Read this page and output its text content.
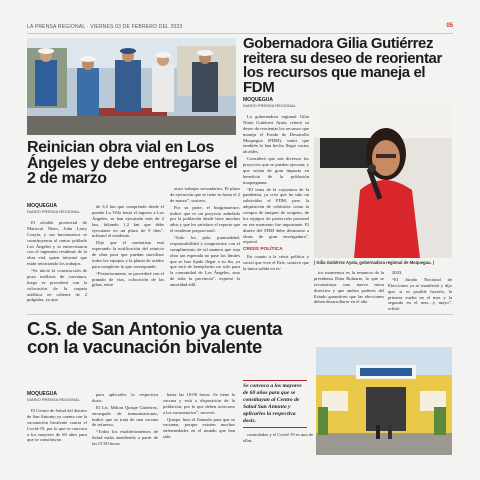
LA PRENSA REGIONAL · VIERNES 03 DE FEBRERO DEL 2023	05
Reinician obra vial en Los Ángeles y debe entregarse el 2 de marzo
MOQUEGUA
DIARIO PRENSA REGIONAL

El alcalde provincial de Mariscal Nieto, John Larry Coayla, y sus funcionarios se constituyeron al centro poblado Los Ángeles y se entrevistaron con el ingeniero residente de la obra vial, quien informó que están reiniciando los trabajos.

“Se inició la construcción de pozo mellizos de curvatura, luego se procederá con la colocación de la carpeta asfáltica en caliente de 2 pulgadas, ya que

de 3,5 km que comprende desde el puente La Villa hasta el ingreso a Los Ángeles, se han ejecutado más de 2 km, faltando 1,2 km que debe ejecutarse en un plazo de 9 días”, informó el residente.

Dijo que el contratista está esperando la notificación del reinicio de obra para que puedan movilizar todos los equipos y la planta de asfalto para completar lo que corresponde.

“Posteriormente, se procederá con el pintado de vías, colocación de las gibas, entre

otros trabajos secundarios. El plazo de ejecución que se tiene es hasta el 2 de marzo”, sostuvo.

Por su parte, el burgomaestre, indicó que es un proyecto anhelado por la población desde hace muchos años y que les satisface el reporte que el residente proporcionó.

“Solo les pido puntualidad, responsabilidad y compromiso con el cumplimiento de tal manera que esta obra tan esperada no pase los límites que se han fijado llegar a su fin, ya que será de beneplacito no solo para la comunidad de Los Ángeles, sino de toda la provincia”, expresó la autoridad edil.

Gobernadora Gilia Gutiérrez reitera su deseo de reorientar los recursos que maneja el FDM
MOQUEGUA
DIARIO PRENSA REGIONAL

La gobernadora regional Gilia Ninfa Gutiérrez Ayala, reiteró su deseo de reorientar los recursos que maneja el Fondo de Desarrollo Moquegua (FDM), sentir que también lo han hecho llegar varios alcaldes.

Consideró que son diversos los proyectos que se pueden ejecutar, y que serían de gran impacto en beneficio de la población moqueguana.

“El tema de la coyuntura de la pandemia, ya creo que ha sido un salvavidas el FDM, pero la adquisición de vehículos como la compra de tanques de oxigeno, de los equipos de protección personal en ese momento fue importante. El dinero del FDM debe destinarse a obras de gran envergadura”, expresó.

CRISIS POLÍTICA

En cuanto a la crisis política y social que vive el País, sostuvo que la única salida en es-

| Gilia Gutiérrez Ayala, gobernadora regional de Moquegua. |

tos momentos es la renuncia de la presidenta Dina Boluarte, lo que se reconstituya una nueva mesa directiva y que ambos poderes del Estado garanticen que las elecciones deben desarrollarse en el año

2023.

“El Jurado Nacional de Elecciones ya se manifestó y dijo que, si es posible hacerlo, la primera vuelta en el mes y la segunda en el mes…y mayo”, refirió.

C.S. de San Antonio ya cuenta con la vacunación bivalente
MOQUEGUA
DIARIO PRENSA REGIONAL

El Centro de Salud del distrito de San Antonio ya cuenta con la vacunación bivalente contra el Covid-19, por lo que se convoca a los mayores de 60 años para que se constituyan

para aplicarles la respectiva dosis.

El Lic. Milton Quispe Gutiérrez, encargado de inmunizaciones, indicó que se trata de una vacuna de refuerzo.

“Todos los establecimientos de Salud están atendiendo a partir de las 07:00 horas

hasta las 19:00 horas. Se tiene la vacuna y está a disposición de la población, por lo que deben acercarse a los vacunatorios”, aseveró.

Quispe, hizo el llamado para que se vacunen, porque existen muchos enfermedades en el mundo que han sido

Se convoca a los mayores de 60 años para que se constituyan al Centro de Salud San Antonio y aplicarles la respectiva dosis.

controladas y el Covid-19 es una de ellas.
